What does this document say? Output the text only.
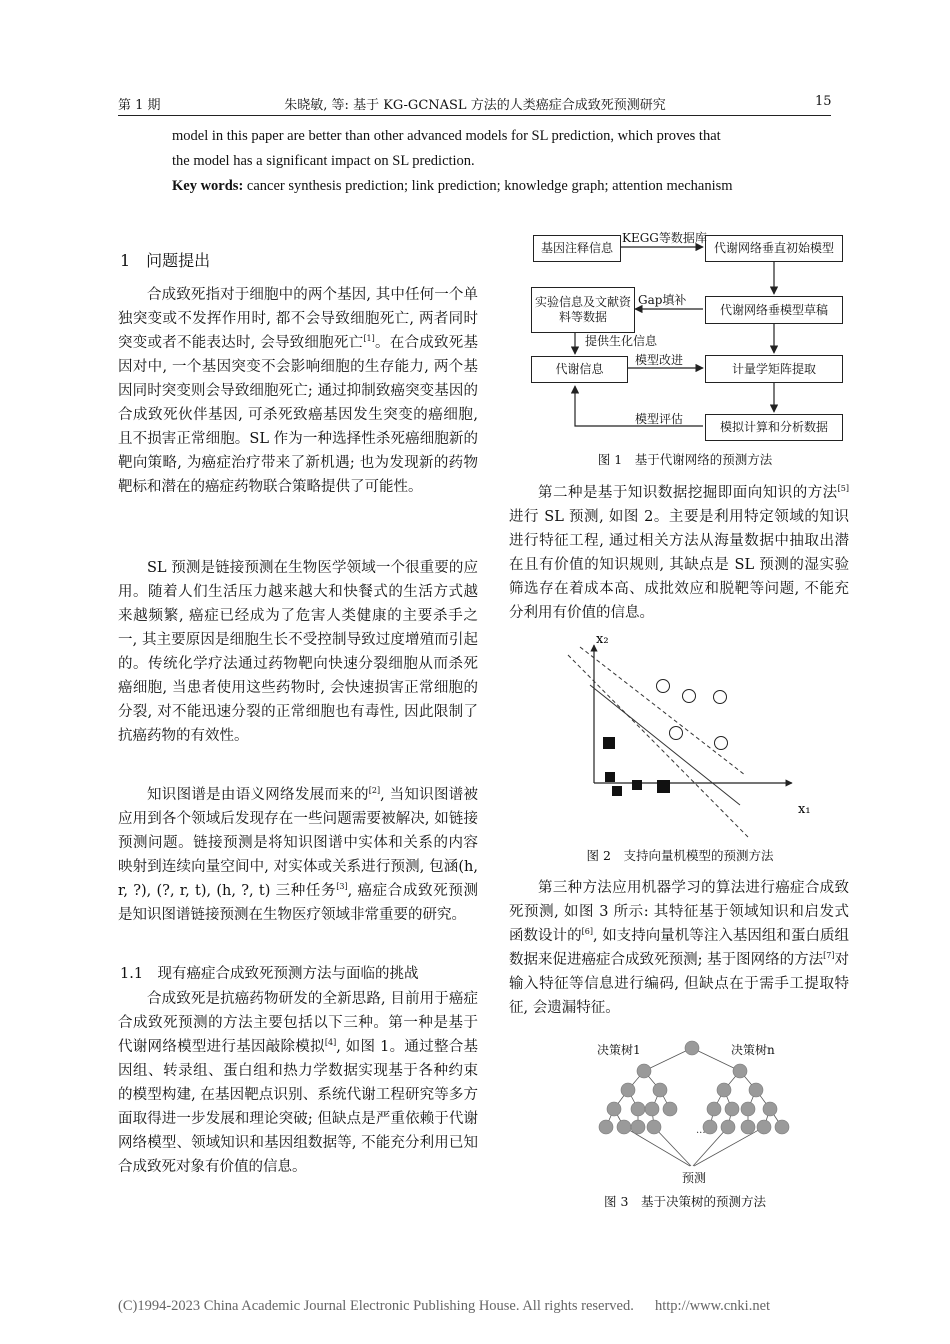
第 1 期	朱晓敏, 等: 基于 KG-GCNASL 方法的人类癌症合成致死预测研究	15
model in this paper are better than other advanced models for SL prediction, which proves that
the model has a significant impact on SL prediction.
Key words: cancer synthesis prediction; link prediction; knowledge graph; attention mechanism
1　问题提出
合成致死指对于细胞中的两个基因, 其中任何一个单独突变或不发挥作用时, 都不会导致细胞死亡, 两者同时突变或者不能表达时, 会导致细胞死亡[1]。在合成致死基因对中, 一个基因突变不会影响细胞的生存能力, 两个基因同时突变则会导致细胞死亡; 通过抑制致癌突变基因的合成致死伙伴基因, 可杀死致癌基因发生突变的癌细胞, 且不损害正常细胞。SL 作为一种选择性杀死癌细胞新的靶向策略, 为癌症治疗带来了新机遇; 也为发现新的药物靶标和潜在的癌症药物联合策略提供了可能性。
SL 预测是链接预测在生物医学领域一个很重要的应用。随着人们生活压力越来越大和快餐式的生活方式越来越频繁, 癌症已经成为了危害人类健康的主要杀手之一, 其主要原因是细胞生长不受控制导致过度增殖而引起的。传统化学疗法通过药物靶向快速分裂细胞从而杀死癌细胞, 当患者使用这些药物时, 会快速损害正常细胞的分裂, 对不能迅速分裂的正常细胞也有毒性, 因此限制了抗癌药物的有效性。
知识图谱是由语义网络发展而来的[2], 当知识图谱被应用到各个领域后发现存在一些问题需要被解决, 如链接预测问题。链接预测是将知识图谱中实体和关系的内容映射到连续向量空间中, 对实体或关系进行预测, 包涵(h, r, ?), (?, r, t), (h, ?, t) 三种任务[3], 癌症合成致死预测是知识图谱链接预测在生物医疗领域非常重要的研究。
1.1　现有癌症合成致死预测方法与面临的挑战
合成致死是抗癌药物研发的全新思路, 目前用于癌症合成致死预测的方法主要包括以下三种。第一种是基于代谢网络模型进行基因敲除模拟[4], 如图 1。通过整合基因组、转录组、蛋白组和热力学数据实现基于各种约束的模型构建, 在基因靶点识别、系统代谢工程研究等多方面取得进一步发展和理论突破; 但缺点是严重依赖于代谢网络模型、领域知识和基因组数据等, 不能充分利用已知合成致死对象有价值的信息。
基因注释信息	代谢网络垂直初始模型
实验信息及文献资料等数据
代谢网络垂模型草稿
代谢信息	计量学矩阵提取
模拟计算和分析数据
KEGG等数据库
Gap填补
提供生化信息
模型改进
模型评估
图 1　基于代谢网络的预测方法
第二种是基于知识数据挖掘即面向知识的方法[5]进行 SL 预测, 如图 2。主要是利用特定领域的知识进行特征工程, 通过相关方法从海量数据中抽取出潜在且有价值的知识规则, 其缺点是 SL 预测的湿实验筛选存在着成本高、成批效应和脱靶等问题, 不能充分利用有价值的信息。
x₂
x₁
图 2　支持向量机模型的预测方法
第三种方法应用机器学习的算法进行癌症合成致死预测, 如图 3 所示: 其特征基于领域知识和启发式函数设计的[6], 如支持向量机等注入基因组和蛋白质组数据来促进癌症合成致死预测; 基于图网络的方法[7]对输入特征等信息进行编码, 但缺点在于需手工提取特征, 会遗漏特征。
...
决策树1	决策树n
预测
图 3　基于决策树的预测方法
(C)1994-2023 China Academic Journal Electronic Publishing House. All rights reserved. http://www.cnki.net
